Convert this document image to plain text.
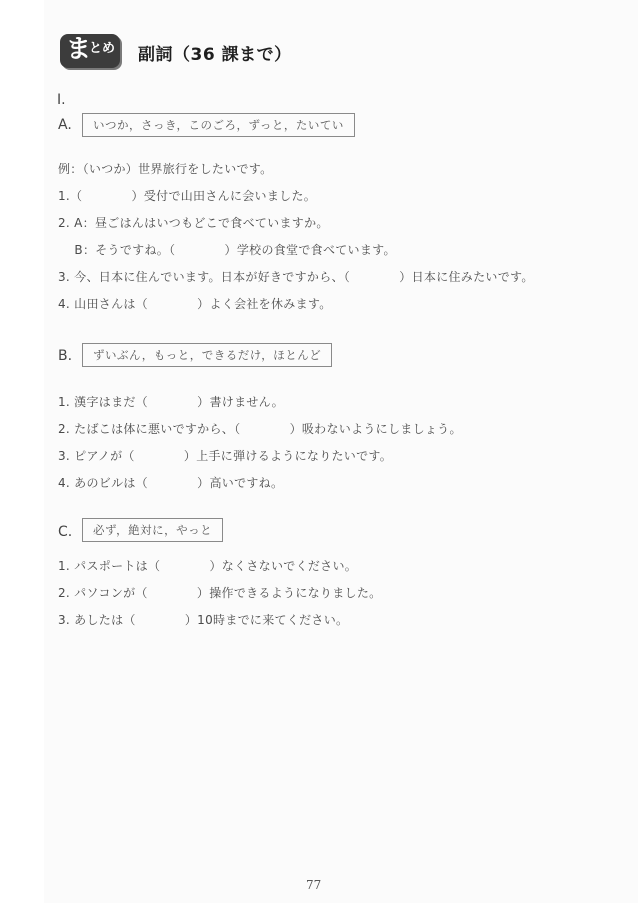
ま
とめ 副詞（36 課まで）
Ⅰ.
A.	いつか，さっき，このごろ，ずっと，たいてい
例：（いつか）世界旅行をしたいです。
1.（　　　　）受付で山田さんに会いました。
2. A：昼ごはんはいつもどこで食べていますか。
　 B：そうですね。（　　　　）学校の食堂で食べています。
3. 今、日本に住んでいます。日本が好きですから、（　　　　）日本に住みたいです。
4. 山田さんは（　　　　）よく会社を休みます。
B.	ずいぶん，もっと，できるだけ，ほとんど
1. 漢字はまだ（　　　　）書けません。
2. たばこは体に悪いですから、（　　　　）吸わないようにしましょう。
3. ピアノが（　　　　）上手に弾けるようになりたいです。
4. あのビルは（　　　　）高いですね。
C.	必ず，絶対に，やっと
1. パスポートは（　　　　）なくさないでください。
2. パソコンが（　　　　）操作できるようになりました。
3. あしたは（　　　　）10時までに来てください。
77
